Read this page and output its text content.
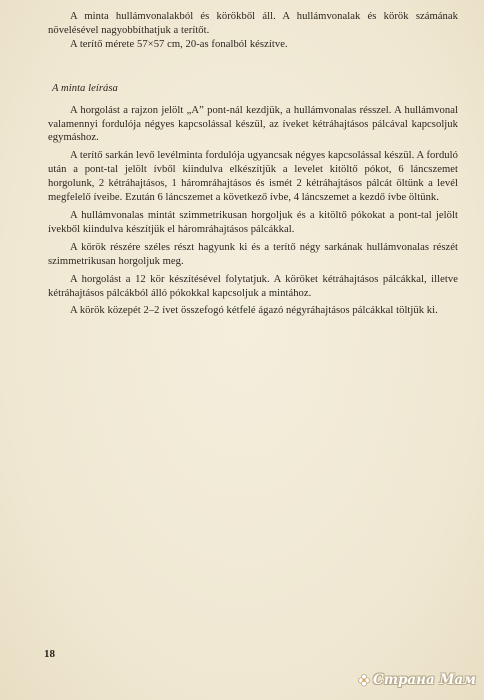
A minta hullámvonalakból és körökből áll. A hullámvonalak és körök számának növelésével nagyobbíthatjuk a terítőt.

A terítő mérete 57×57 cm, 20-as fonalból készítve.

A minta leírása

A horgolást a rajzon jelölt „A” pont-nál kezdjük, a hullámvonalas résszel. A hullámvonal valamennyi fordulója négyes kapcsolással készül, az íveket kétráhajtásos pálcával kapcsoljuk egymáshoz.

A terítő sarkán levő levélminta fordulója ugyancsak négyes kapcsolással készül. A forduló után a pont-tal jelölt ívből kiindulva elkészítjük a levelet kitöltő pókot, 6 láncszemet horgolunk, 2 kétráhajtásos, 1 háromráhajtásos és ismét 2 kétráhajtásos pálcát öltünk a levél megfelelő íveibe. Ezután 6 láncszemet a következő ívbe, 4 láncszemet a kezdő ívbe öltünk.

A hullámvonalas mintát szimmetrikusan horgoljuk és a kitöltő pókokat a pont-tal jelölt ívekből kiindulva készítjük el háromráhajtásos pálcákkal.

A körök részére széles részt hagyunk ki és a terítő négy sarkának hullámvonalas részét szimmetrikusan horgoljuk meg.

A horgolást a 12 kör készítésével folytatjuk. A köröket kétráhajtásos pálcákkal, illetve kétráhajtásos pálcákból álló pókokkal kapcsoljuk a mintához.

A körök közepét 2–2 ívet összefogó kétfelé ágazó négyráhajtásos pálcákkal töltjük ki.

18
Страна Мам
